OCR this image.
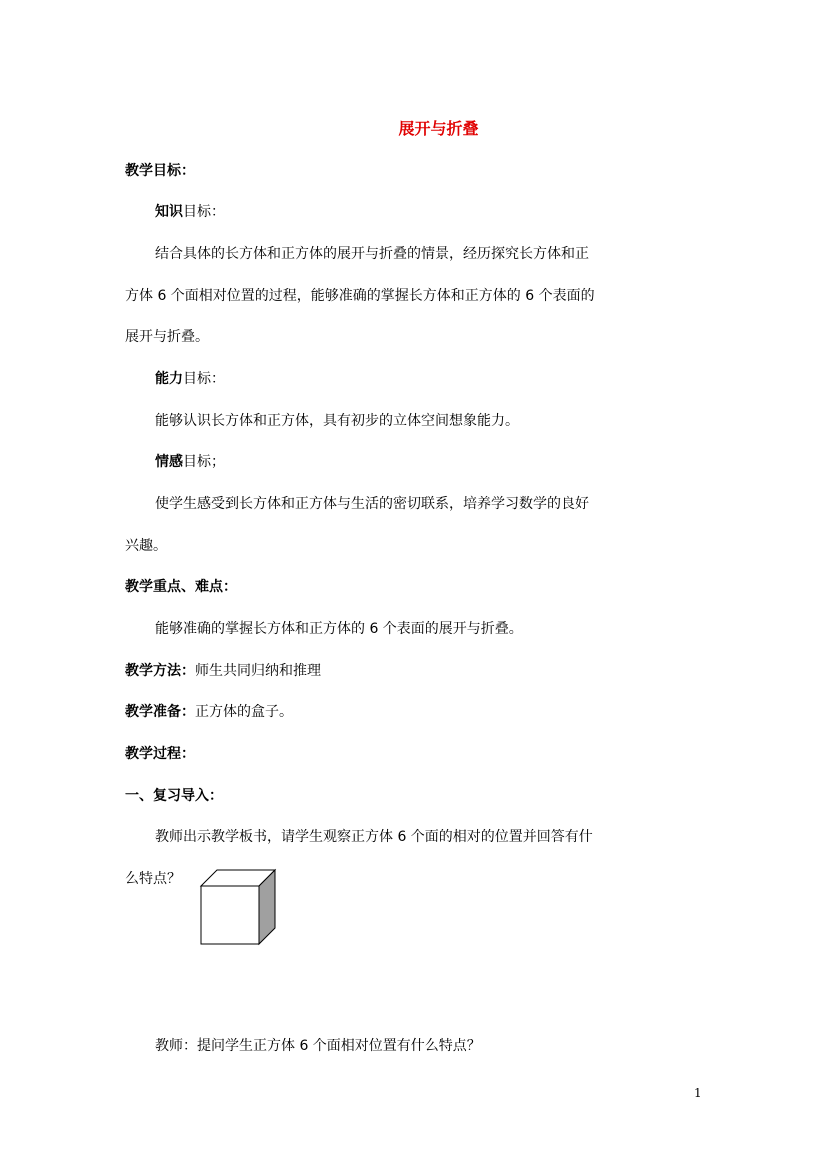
展开与折叠
教学目标：
知识目标：
结合具体的长方体和正方体的展开与折叠的情景，经历探究长方体和正
方体 6 个面相对位置的过程，能够准确的掌握长方体和正方体的 6 个表面的
展开与折叠。
能力目标：
能够认识长方体和正方体，具有初步的立体空间想象能力。
情感目标；
使学生感受到长方体和正方体与生活的密切联系，培养学习数学的良好
兴趣。
教学重点、难点：
能够准确的掌握长方体和正方体的 6 个表面的展开与折叠。
教学方法：师生共同归纳和推理
教学准备：正方体的盒子。
教学过程：
一、复习导入：
教师出示教学板书，请学生观察正方体 6 个面的相对的位置并回答有什
么特点？
教师：提问学生正方体 6 个面相对位置有什么特点？
1
